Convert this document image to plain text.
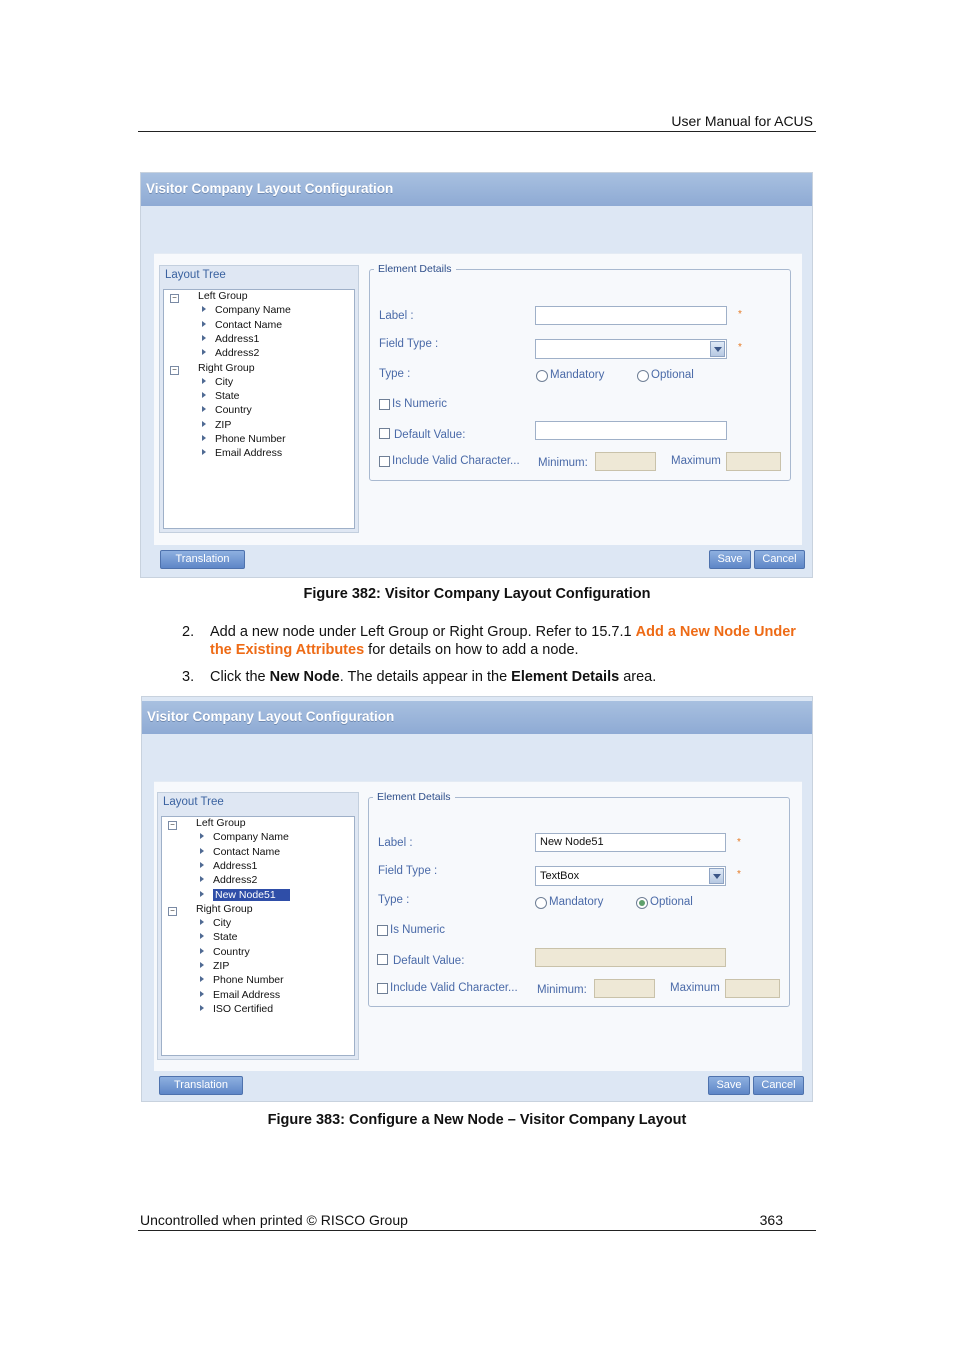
User Manual for ACUS
Visitor Company Layout Configuration
Layout Tree
− Left Group
Company Name
Contact Name
Address1
Address2
− Right Group
City
State
Country
ZIP
Phone Number
Email Address
Element Details
Label :	*
Field Type :	*
Type :	Mandatory	Optional
Is Numeric
Default Value:
Include Valid Character... Minimum:	Maximum
Translation	Save	Cancel
Figure 382: Visitor Company Layout Configuration
2. Add a new node under Left Group or Right Group. Refer to 15.7.1 Add a New Node Under the Existing Attributes for details on how to add a node.
3. Click the New Node. The details appear in the Element Details area.
Visitor Company Layout Configuration
Layout Tree
− Left Group
Company Name
Contact Name
Address1
Address2
New Node51
− Right Group
City
State
Country
ZIP
Phone Number
Email Address
ISO Certified
Element Details
Label :	New Node51	*
Field Type :	TextBox	*
Type :	Mandatory	Optional
Is Numeric
Default Value:
Include Valid Character... Minimum:	Maximum
Translation	Save	Cancel
Figure 383: Configure a New Node – Visitor Company Layout
Uncontrolled when printed © RISCO Group	363
